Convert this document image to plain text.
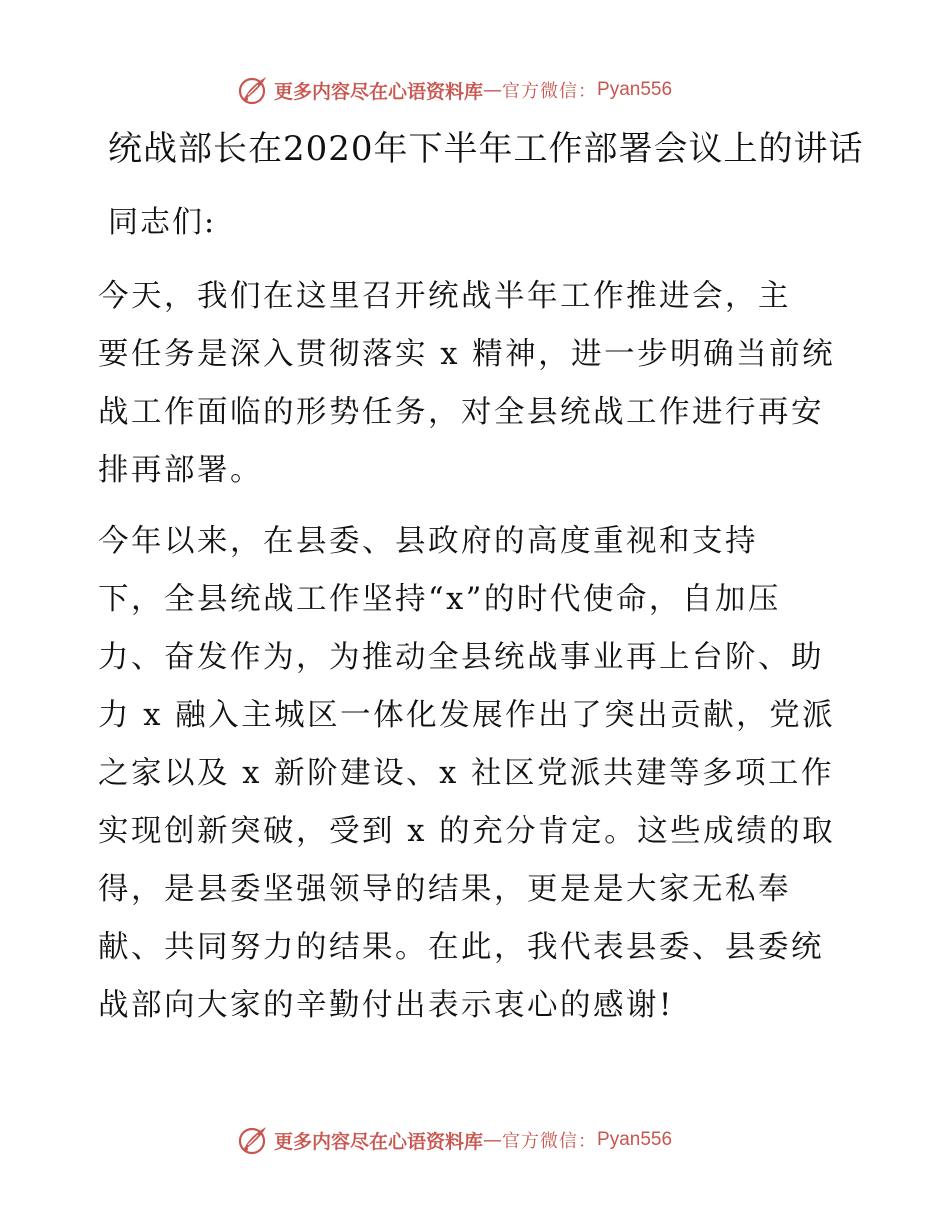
更多内容尽在心语资料库 — 官方微信： Pyan556
统战部长在2020年下半年工作部署会议上的讲话
同志们:
今天，我们在这里召开统战半年工作推进会，主
要任务是深入贯彻落实 x 精神，进一步明确当前统
战工作面临的形势任务，对全县统战工作进行再安
排再部署。
今年以来，在县委、县政府的高度重视和支持
下，全县统战工作坚持“x”的时代使命，自加压
力、奋发作为，为推动全县统战事业再上台阶、助
力 x 融入主城区一体化发展作出了突出贡献，党派
之家以及 x 新阶建设、x 社区党派共建等多项工作
实现创新突破，受到 x 的充分肯定。这些成绩的取
得，是县委坚强领导的结果，更是是大家无私奉
献、共同努力的结果。在此，我代表县委、县委统
战部向大家的辛勤付出表示衷心的感谢!
更多内容尽在心语资料库 — 官方微信： Pyan556
